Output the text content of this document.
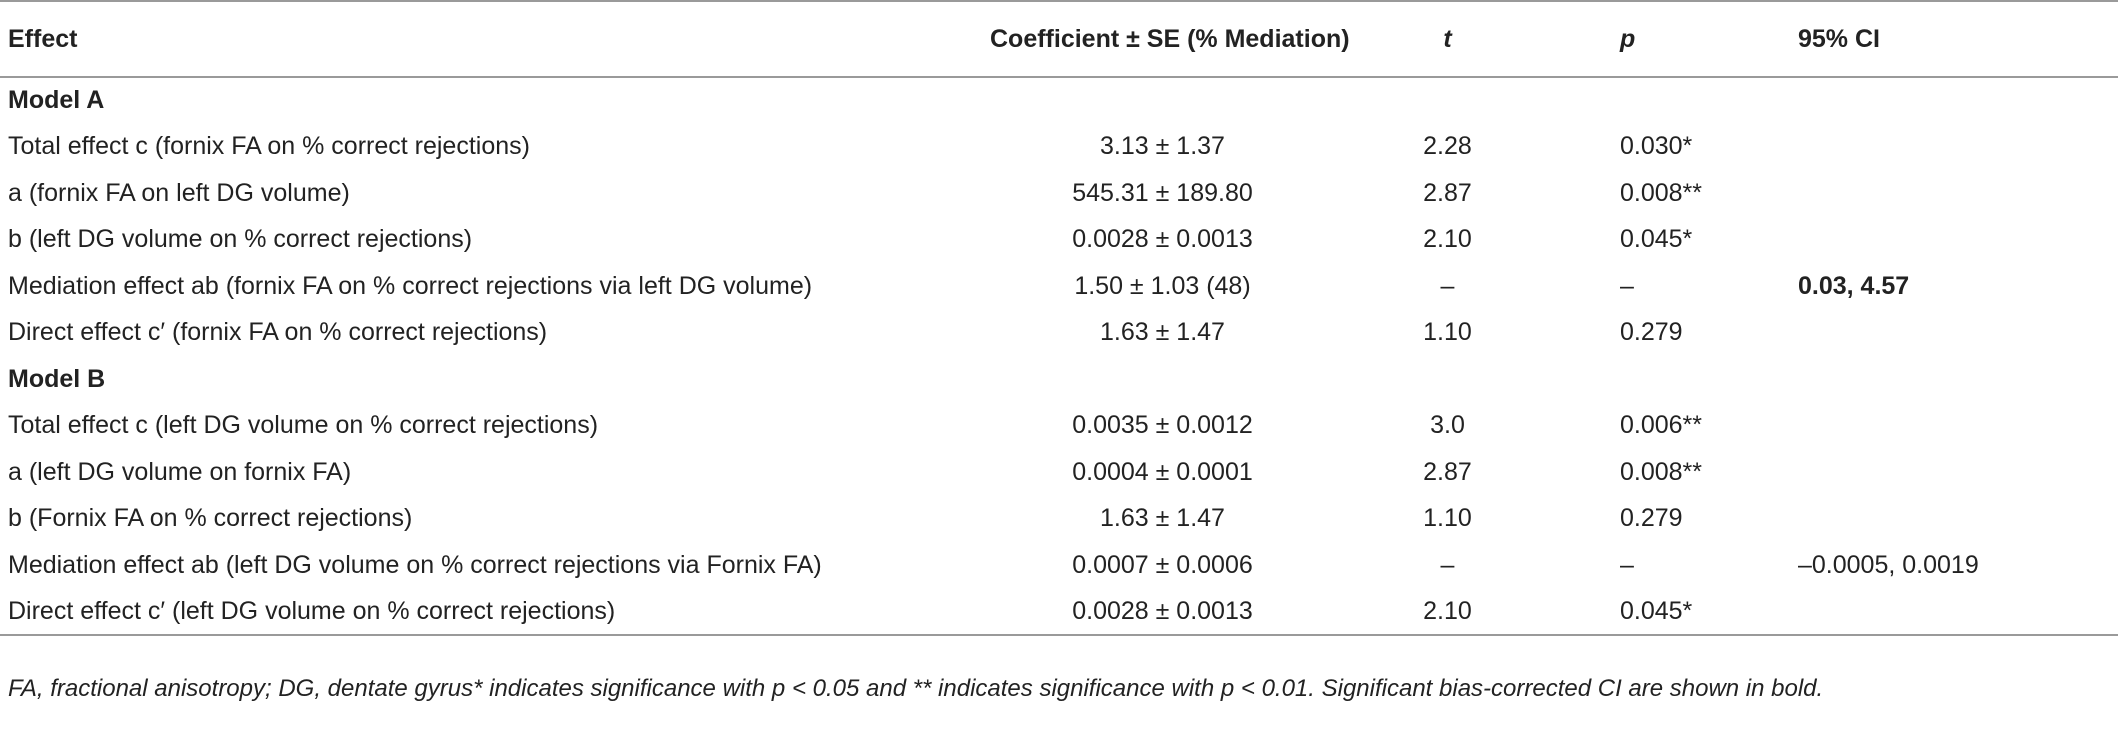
Effect	Coefficient ± SE (% Mediation)	t	p	95% CI
Model A				
Total effect c (fornix FA on % correct rejections)	3.13 ± 1.37	2.28	0.030*	
a (fornix FA on left DG volume)	545.31 ± 189.80	2.87	0.008**	
b (left DG volume on % correct rejections)	0.0028 ± 0.0013	2.10	0.045*	
Mediation effect ab (fornix FA on % correct rejections via left DG volume)	1.50 ± 1.03 (48)	–	–	0.03, 4.57
Direct effect c′ (fornix FA on % correct rejections)	1.63 ± 1.47	1.10	0.279	
Model B				
Total effect c (left DG volume on % correct rejections)	0.0035 ± 0.0012	3.0	0.006**	
a (left DG volume on fornix FA)	0.0004 ± 0.0001	2.87	0.008**	
b (Fornix FA on % correct rejections)	1.63 ± 1.47	1.10	0.279	
Mediation effect ab (left DG volume on % correct rejections via Fornix FA)	0.0007 ± 0.0006	–	–	–0.0005, 0.0019
Direct effect c′ (left DG volume on % correct rejections)	0.0028 ± 0.0013	2.10	0.045*	
FA, fractional anisotropy; DG, dentate gyrus* indicates significance with p < 0.05 and ** indicates significance with p < 0.01. Significant bias-corrected CI are shown in bold.
